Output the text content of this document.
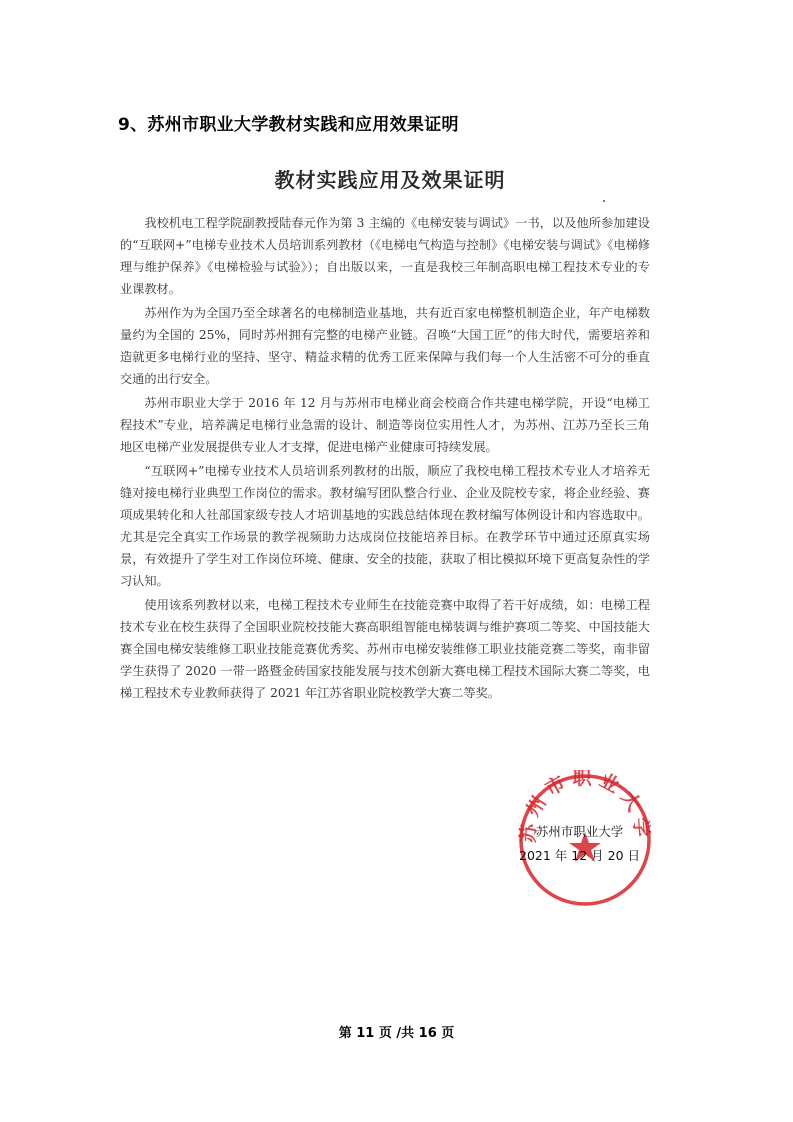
9、苏州市职业大学教材实践和应用效果证明
教材实践应用及效果证明

我校机电工程学院副教授陆春元作为第 3 主编的《电梯安装与调试》一书，以及他所参加建设的“互联网+”电梯专业技术人员培训系列教材（《电梯电气构造与控制》《电梯安装与调试》《电梯修理与维护保养》《电梯检验与试验》）；自出版以来，一直是我校三年制高职电梯工程技术专业的专业课教材。

苏州作为为全国乃至全球著名的电梯制造业基地，共有近百家电梯整机制造企业，年产电梯数量约为全国的 25%，同时苏州拥有完整的电梯产业链。召唤“大国工匠”的伟大时代，需要培养和造就更多电梯行业的坚持、坚守、精益求精的优秀工匠来保障与我们每一个人生活密不可分的垂直交通的出行安全。

苏州市职业大学于 2016 年 12 月与苏州市电梯业商会校商合作共建电梯学院，开设“电梯工程技术”专业，培养满足电梯行业急需的设计、制造等岗位实用性人才，为苏州、江苏乃至长三角地区电梯产业发展提供专业人才支撑，促进电梯产业健康可持续发展。

“互联网+”电梯专业技术人员培训系列教材的出版，顺应了我校电梯工程技术专业人才培养无缝对接电梯行业典型工作岗位的需求。教材编写团队整合行业、企业及院校专家，将企业经验、赛项成果转化和人社部国家级专技人才培训基地的实践总结体现在教材编写体例设计和内容选取中。尤其是完全真实工作场景的教学视频助力达成岗位技能培养目标。在教学环节中通过还原真实场景，有效提升了学生对工作岗位环境、健康、安全的技能，获取了相比模拟环境下更高复杂性的学习认知。

使用该系列教材以来，电梯工程技术专业师生在技能竞赛中取得了若干好成绩，如：电梯工程技术专业在校生获得了全国职业院校技能大赛高职组智能电梯装调与维护赛项二等奖、中国技能大赛全国电梯安装维修工职业技能竞赛优秀奖、苏州市电梯安装维修工职业技能竞赛二等奖，南非留学生获得了 2020 一带一路暨金砖国家技能发展与技术创新大赛电梯工程技术国际大赛二等奖，电梯工程技术专业教师获得了 2021 年江苏省职业院校教学大赛二等奖。

苏州市职业大学
苏州市职业大学
2021 年 12 月 20 日
第 11 页 /共 16 页
